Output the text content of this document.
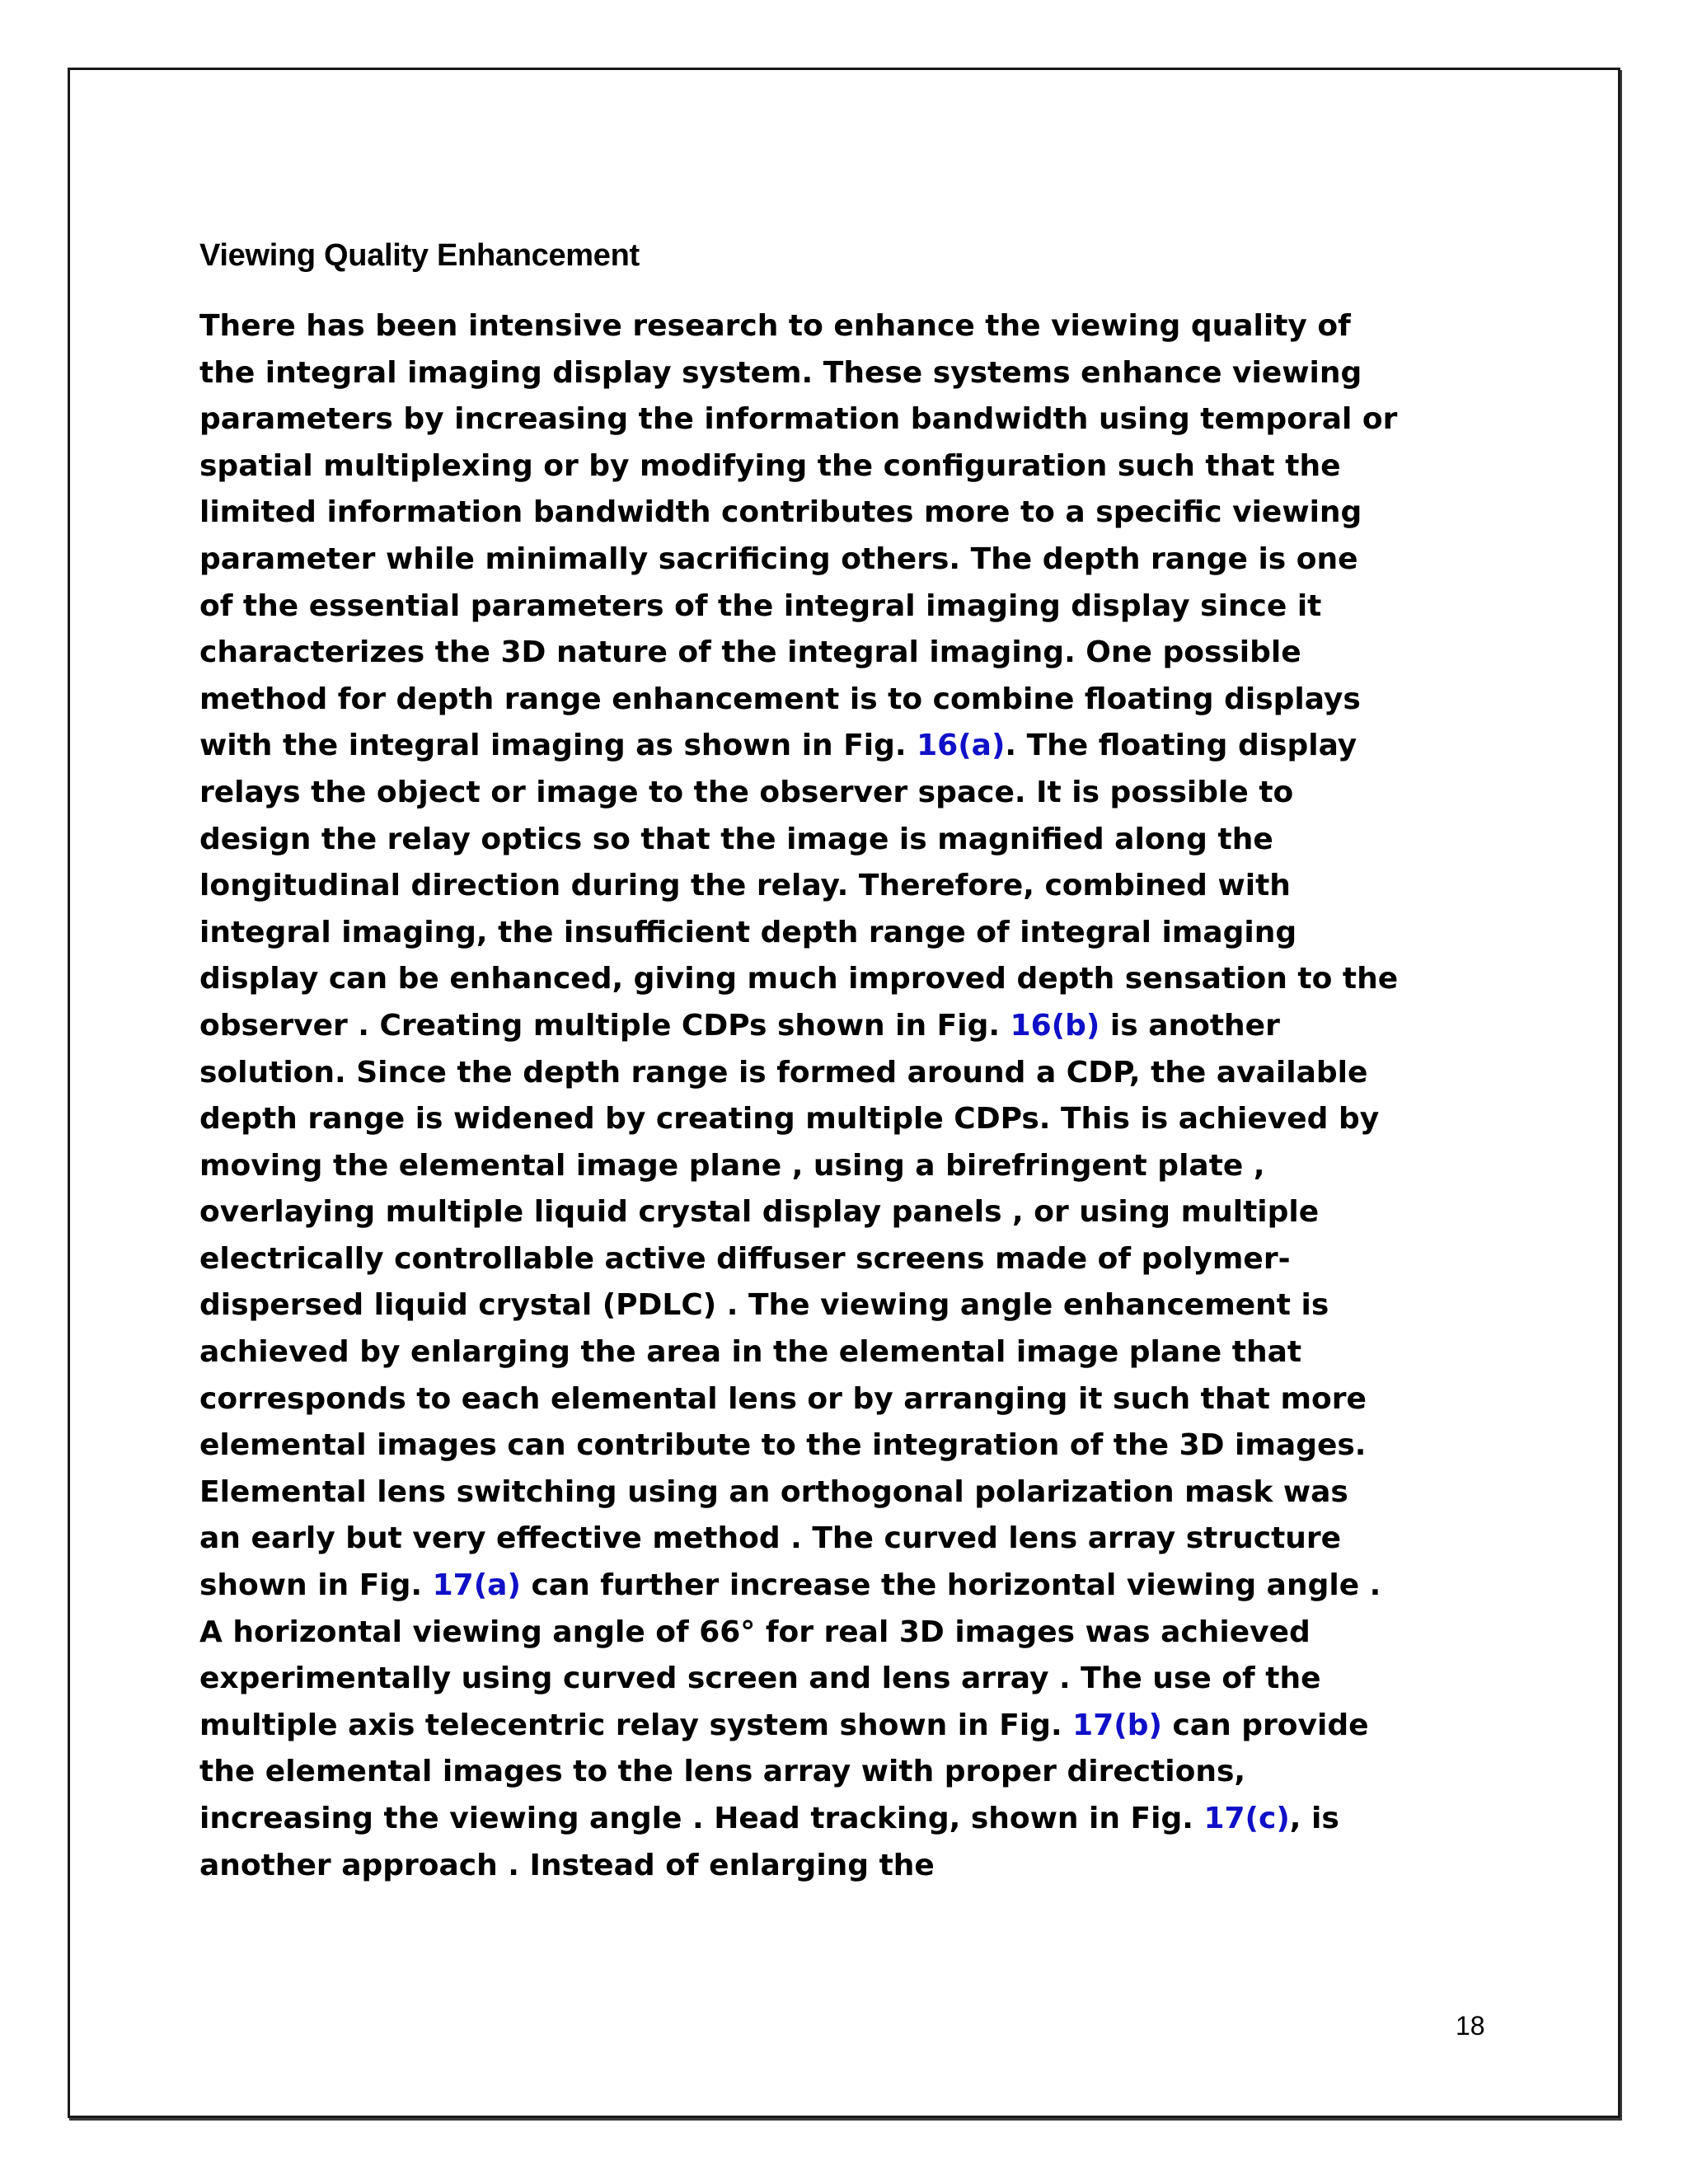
Viewing Quality Enhancement
There has been intensive research to enhance the viewing quality of
the integral imaging display system. These systems enhance viewing
parameters by increasing the information bandwidth using temporal or
spatial multiplexing or by modifying the configuration such that the
limited information bandwidth contributes more to a specific viewing
parameter while minimally sacrificing others. The depth range is one
of the essential parameters of the integral imaging display since it
characterizes the 3D nature of the integral imaging. One possible
method for depth range enhancement is to combine floating displays
with the integral imaging as shown in Fig. 16(a). The floating display
relays the object or image to the observer space. It is possible to
design the relay optics so that the image is magnified along the
longitudinal direction during the relay. Therefore, combined with
integral imaging, the insufficient depth range of integral imaging
display can be enhanced, giving much improved depth sensation to the
observer . Creating multiple CDPs shown in Fig. 16(b) is another
solution. Since the depth range is formed around a CDP, the available
depth range is widened by creating multiple CDPs. This is achieved by
moving the elemental image plane , using a birefringent plate ,
overlaying multiple liquid crystal display panels , or using multiple
electrically controllable active diffuser screens made of polymer-
dispersed liquid crystal (PDLC) . The viewing angle enhancement is
achieved by enlarging the area in the elemental image plane that
corresponds to each elemental lens or by arranging it such that more
elemental images can contribute to the integration of the 3D images.
Elemental lens switching using an orthogonal polarization mask was
an early but very effective method . The curved lens array structure
shown in Fig. 17(a) can further increase the horizontal viewing angle .
A horizontal viewing angle of 66° for real 3D images was achieved
experimentally using curved screen and lens array . The use of the
multiple axis telecentric relay system shown in Fig. 17(b) can provide
the elemental images to the lens array with proper directions,
increasing the viewing angle . Head tracking, shown in Fig. 17(c), is
another approach . Instead of enlarging the
18
